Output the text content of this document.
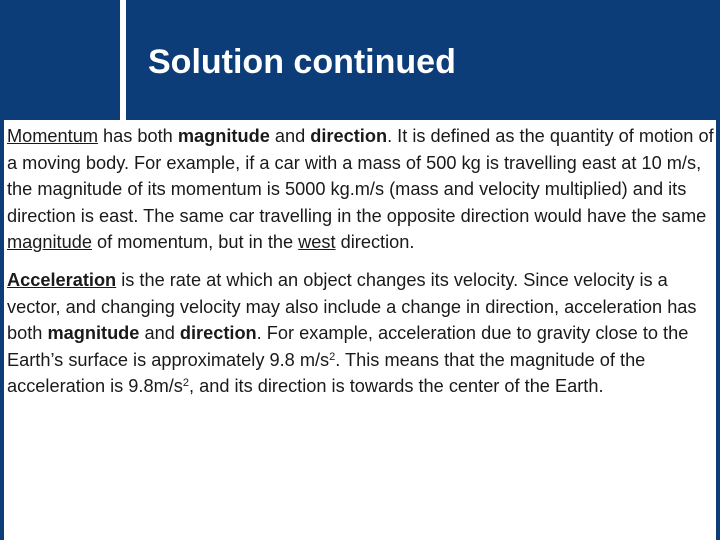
Solution continued

Momentum has both magnitude and direction. It is defined as the quantity of motion of a moving body. For example, if a car with a mass of 500 kg is travelling east at 10 m/s, the magnitude of its momentum is 5000 kg.m/s (mass and velocity multiplied) and its direction is east. The same car travelling in the opposite direction would have the same magnitude of momentum, but in the west direction.

Acceleration is the rate at which an object changes its velocity. Since velocity is a vector, and changing velocity may also include a change in direction, acceleration has both magnitude and direction. For example, acceleration due to gravity close to the Earth’s surface is approximately 9.8 $m/s^2$. This means that the magnitude of the acceleration is $9.8m/s^2$, and its direction is towards the center of the Earth.
